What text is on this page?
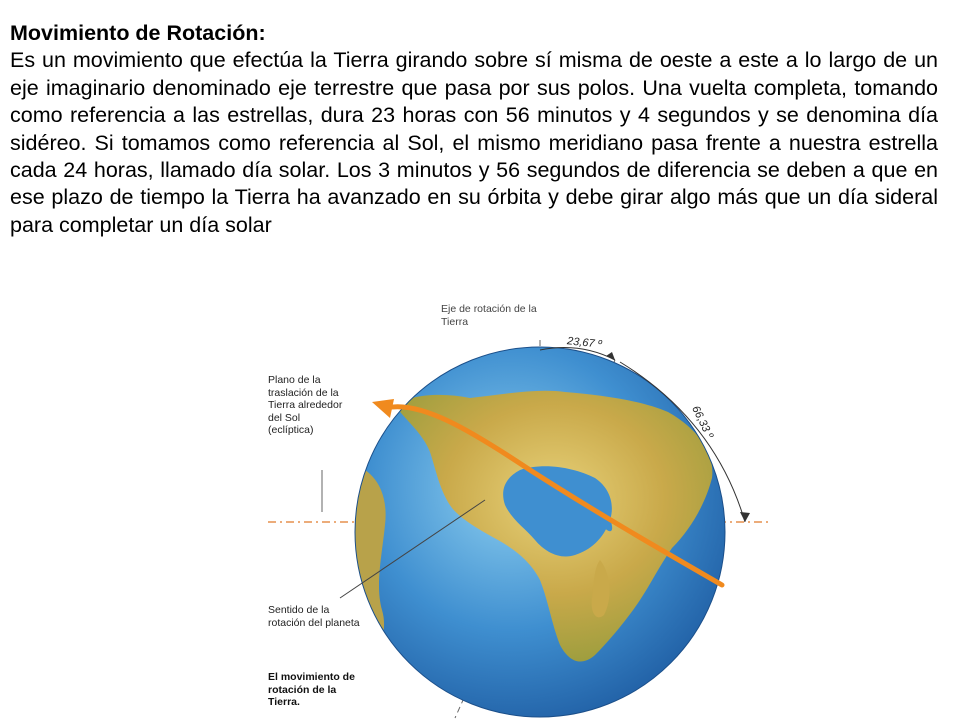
Movimiento de Rotación:

Es un movimiento que efectúa la Tierra girando sobre sí misma de oeste a este a lo largo de un eje imaginario denominado eje terrestre que pasa por sus polos. Una vuelta completa, tomando como referencia a las estrellas, dura 23 horas con 56 minutos y 4 segundos y se denomina día sidéreo. Si tomamos como referencia al Sol, el mismo meridiano pasa frente a nuestra estrella cada 24 horas, llamado día solar. Los 3 minutos y 56 segundos de diferencia se deben a que en ese plazo de tiempo la Tierra ha avanzado en su órbita y debe girar algo más que un día sideral para completar un día solar

Eje de rotación de la Tierra
Plano de la traslación de la Tierra alrededor del Sol (eclíptica)
Sentido de la rotación del planeta
El movimiento de rotación de la Tierra.
23,67 º
66,33 º
